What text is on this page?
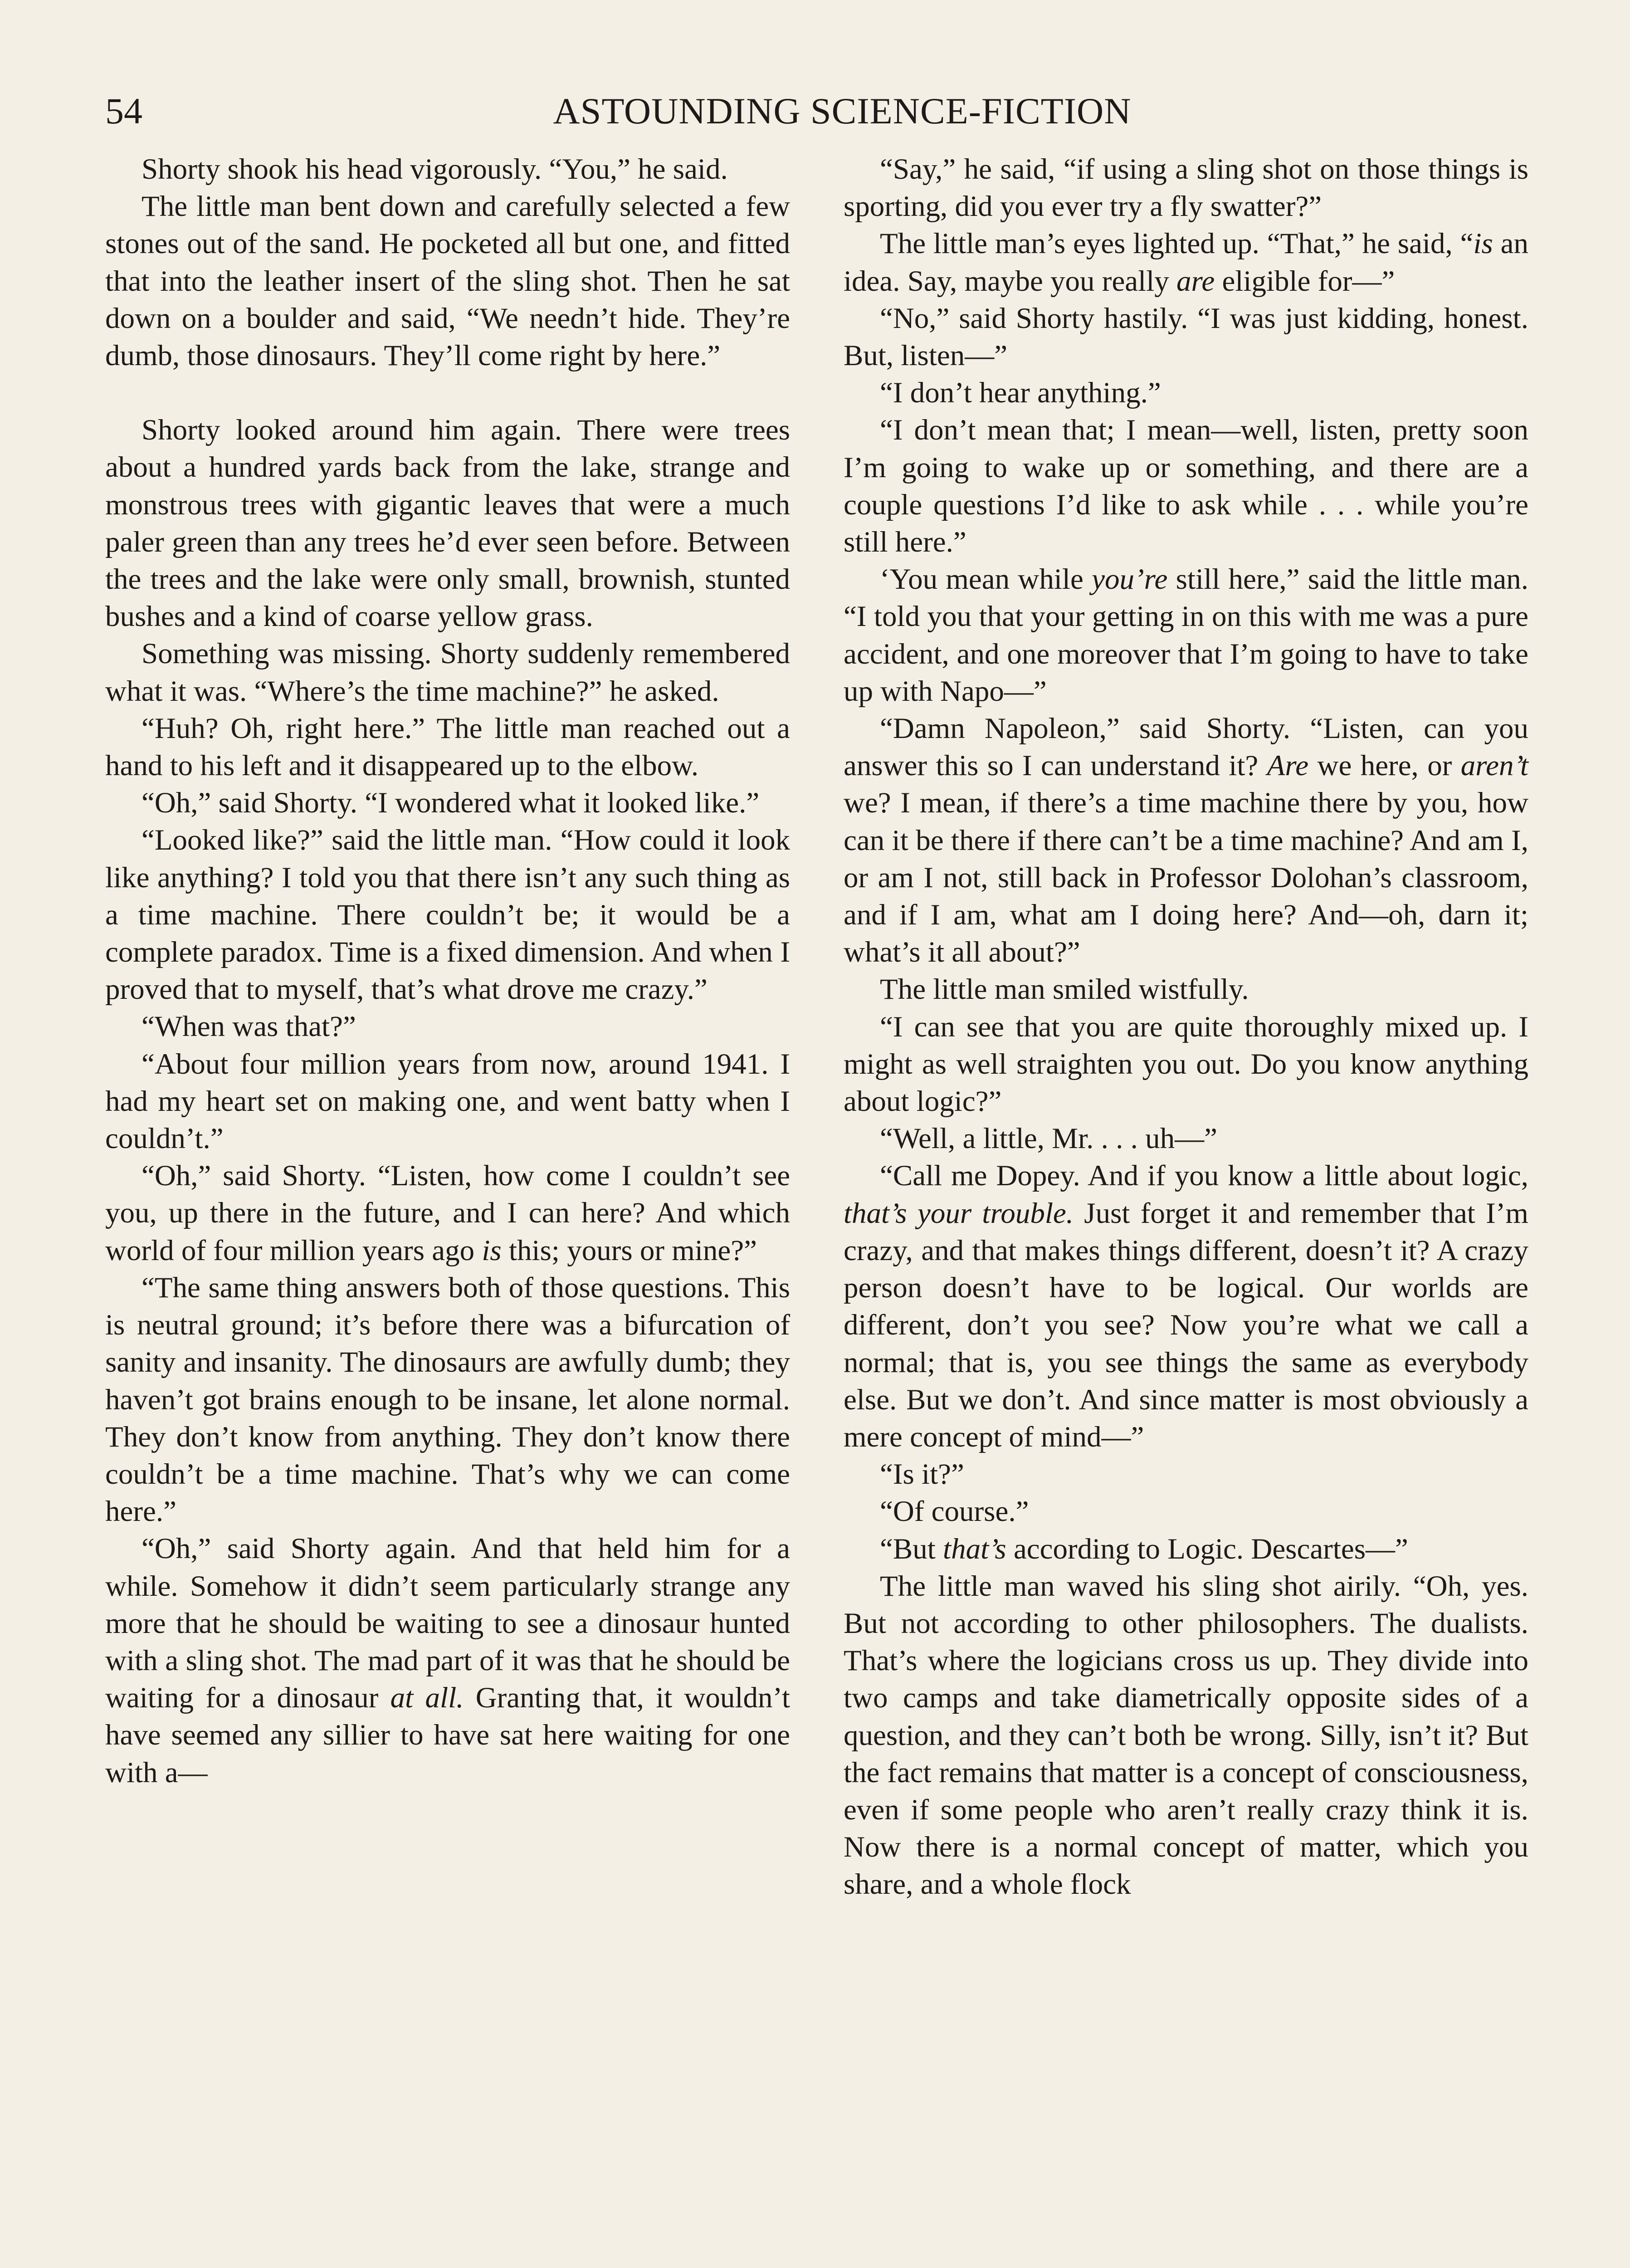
54	ASTOUNDING SCIENCE-FICTION

Shorty shook his head vigorously. “You,” he said.

The little man bent down and carefully selected a few stones out of the sand. He pocketed all but one, and fitted that into the leather insert of the sling shot. Then he sat down on a boulder and said, “We needn’t hide. They’re dumb, those dinosaurs. They’ll come right by here.”

Shorty looked around him again. There were trees about a hundred yards back from the lake, strange and monstrous trees with gigantic leaves that were a much paler green than any trees he’d ever seen before. Between the trees and the lake were only small, brownish, stunted bushes and a kind of coarse yellow grass.

Something was missing. Shorty suddenly remembered what it was. “Where’s the time machine?” he asked.

“Huh? Oh, right here.” The little man reached out a hand to his left and it disappeared up to the elbow.

“Oh,” said Shorty. “I wondered what it looked like.”

“Looked like?” said the little man. “How could it look like anything? I told you that there isn’t any such thing as a time machine. There couldn’t be; it would be a complete paradox. Time is a fixed dimension. And when I proved that to myself, that’s what drove me crazy.”

“When was that?”

“About four million years from now, around 1941. I had my heart set on making one, and went batty when I couldn’t.”

“Oh,” said Shorty. “Listen, how come I couldn’t see you, up there in the future, and I can here? And which world of four million years ago is this; yours or mine?”

“The same thing answers both of those questions. This is neutral ground; it’s before there was a bifurcation of sanity and insanity. The dinosaurs are awfully dumb; they haven’t got brains enough to be insane, let alone normal. They don’t know from anything. They don’t know there couldn’t be a time machine. That’s why we can come here.”

“Oh,” said Shorty again. And that held him for a while. Somehow it didn’t seem particularly strange any more that he should be waiting to see a dinosaur hunted with a sling shot. The mad part of it was that he should be waiting for a dinosaur at all. Granting that, it wouldn’t have seemed any sillier to have sat here waiting for one with a—

“Say,” he said, “if using a sling shot on those things is sporting, did you ever try a fly swatter?”

The little man’s eyes lighted up. “That,” he said, “is an idea. Say, maybe you really are eligible for—”

“No,” said Shorty hastily. “I was just kidding, honest. But, listen—”

“I don’t hear anything.”

“I don’t mean that; I mean—well, listen, pretty soon I’m going to wake up or something, and there are a couple questions I’d like to ask while . . . while you’re still here.”

‘You mean while you’re still here,” said the little man. “I told you that your getting in on this with me was a pure accident, and one moreover that I’m going to have to take up with Napo—”

“Damn Napoleon,” said Shorty. “Listen, can you answer this so I can understand it? Are we here, or aren’t we? I mean, if there’s a time machine there by you, how can it be there if there can’t be a time machine? And am I, or am I not, still back in Professor Dolohan’s classroom, and if I am, what am I doing here? And—oh, darn it; what’s it all about?”

The little man smiled wistfully.

“I can see that you are quite thoroughly mixed up. I might as well straighten you out. Do you know anything about logic?”

“Well, a little, Mr. . . . uh—”

“Call me Dopey. And if you know a little about logic, that’s your trouble. Just forget it and remember that I’m crazy, and that makes things different, doesn’t it? A crazy person doesn’t have to be logical. Our worlds are different, don’t you see? Now you’re what we call a normal; that is, you see things the same as everybody else. But we don’t. And since matter is most obviously a mere concept of mind—”

“Is it?”

“Of course.”

“But that’s according to Logic. Descartes—”

The little man waved his sling shot airily. “Oh, yes. But not according to other philosophers. The dualists. That’s where the logicians cross us up. They divide into two camps and take diametrically opposite sides of a question, and they can’t both be wrong. Silly, isn’t it? But the fact remains that matter is a concept of consciousness, even if some people who aren’t really crazy think it is. Now there is a normal concept of matter, which you share, and a whole flock
